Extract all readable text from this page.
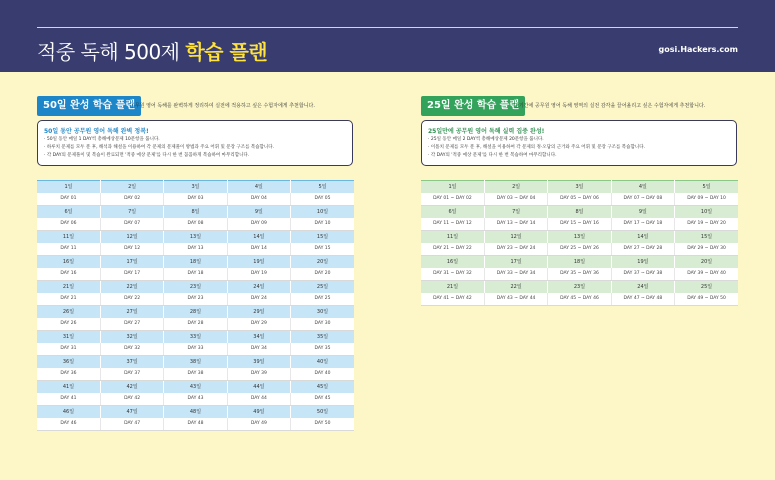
적중 독해 500제 학습 플랜	gosi.Hackers.com
50일 완성 학습 플랜
공무원 영어 독해를 완벽하게 정리하여 실전에 적용하고 싶은 수험자에게 추천합니다.
50일 동안 공무원 영어 독해 완벽 정복!
· 50일 동안 매일 1 DAY씩 총해예상문제 10문항을 풉니다.
· 하루치 문제를 모두 푼 후, 해석과 해설을 이용하여 각 문제의 문제풀이 방법과 주요 어휘 및 문장 구조를 복습합니다.
· 각 DAY의 문제풀이 및 복습이 완료되면 '적중 예상 문제'를 다시 한 번 꼼꼼하게 복습하여 마무리합니다.
25일 완성 학습 플랜
단기간에 공무원 영어 독해 영역의 실전 감각을 끌어올리고 싶은 수험자에게 추천합니다.
25일만에 공무원 영어 독해 실력 집중 완성!
· 25일 동안 매일 2 DAY씩 총해예상문제 20문항을 풉니다.
· 이틀치 문제를 모두 푼 후, 해설을 이용하여 각 문제의 정·오답의 근거와 주요 어휘 및 문장 구조를 복습합니다.
· 각 DAY의 '적중 예상 문제'를 다시 한 번 복습하여 마무리합니다.
1일	2일	3일	4일	5일
DAY 01	DAY 02	DAY 03	DAY 04	DAY 05
6일	7일	8일	9일	10일
DAY 06	DAY 07	DAY 08	DAY 09	DAY 10
11일	12일	13일	14일	15일
DAY 11	DAY 12	DAY 13	DAY 14	DAY 15
16일	17일	18일	19일	20일
DAY 16	DAY 17	DAY 18	DAY 19	DAY 20
21일	22일	23일	24일	25일
DAY 21	DAY 22	DAY 23	DAY 24	DAY 25
26일	27일	28일	29일	30일
DAY 26	DAY 27	DAY 28	DAY 29	DAY 30
31일	32일	33일	34일	35일
DAY 31	DAY 32	DAY 33	DAY 34	DAY 35
36일	37일	38일	39일	40일
DAY 36	DAY 37	DAY 38	DAY 39	DAY 40
41일	42일	43일	44일	45일
DAY 41	DAY 42	DAY 43	DAY 44	DAY 45
46일	47일	48일	49일	50일
DAY 46	DAY 47	DAY 48	DAY 49	DAY 50
1일	2일	3일	4일	5일
DAY 01 ~ DAY 02	DAY 03 ~ DAY 04	DAY 05 ~ DAY 06	DAY 07 ~ DAY 08	DAY 09 ~ DAY 10
6일	7일	8일	9일	10일
DAY 11 ~ DAY 12	DAY 13 ~ DAY 14	DAY 15 ~ DAY 16	DAY 17 ~ DAY 18	DAY 19 ~ DAY 20
11일	12일	13일	14일	15일
DAY 21 ~ DAY 22	DAY 23 ~ DAY 24	DAY 25 ~ DAY 26	DAY 27 ~ DAY 28	DAY 29 ~ DAY 30
16일	17일	18일	19일	20일
DAY 31 ~ DAY 32	DAY 33 ~ DAY 34	DAY 35 ~ DAY 36	DAY 37 ~ DAY 38	DAY 39 ~ DAY 40
21일	22일	23일	24일	25일
DAY 41 ~ DAY 42	DAY 43 ~ DAY 44	DAY 45 ~ DAY 46	DAY 47 ~ DAY 48	DAY 49 ~ DAY 50
